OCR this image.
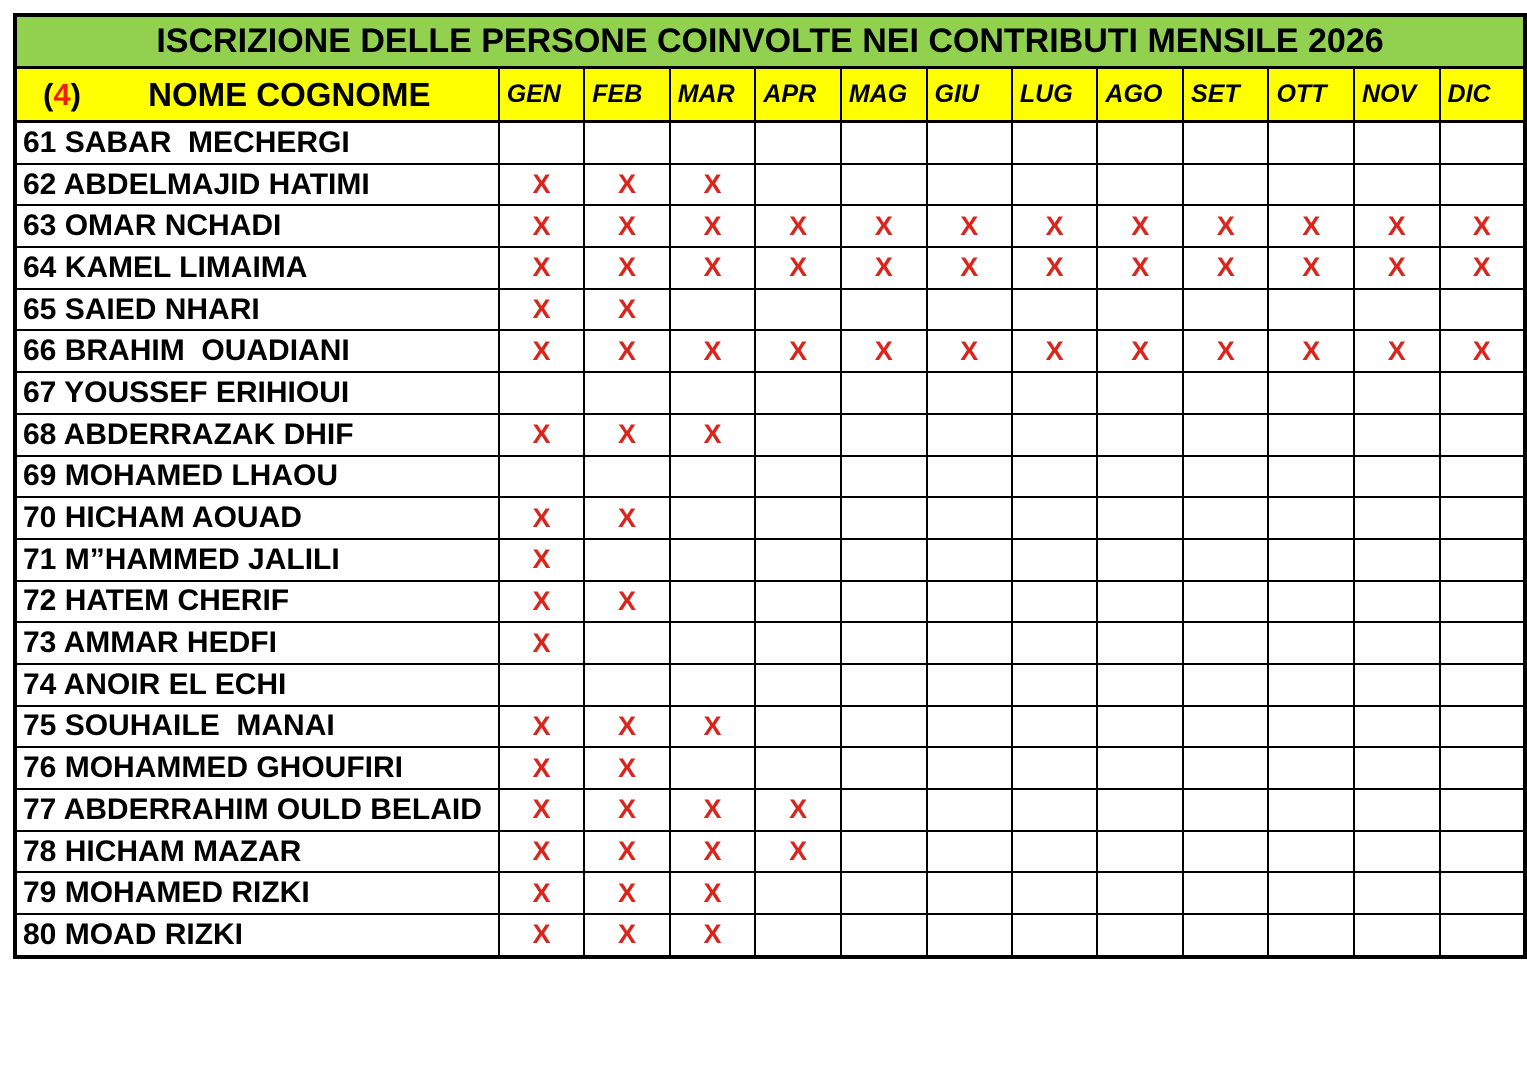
ISCRIZIONE DELLE PERSONE COINVOLTE NEI CONTRIBUTI MENSILE 2026												

(4) NOME COGNOME	GEN	FEB	MAR	APR	MAG	GIU	LUG	AGO	SET	OTT	NOV	DIC
61 SABAR  MECHERGI												
62 ABDELMAJID HATIMI	X	X	X									
63 OMAR NCHADI	X	X	X	X	X	X	X	X	X	X	X	X
64 KAMEL LIMAIMA	X	X	X	X	X	X	X	X	X	X	X	X
65 SAIED NHARI	X	X										
66 BRAHIM  OUADIANI	X	X	X	X	X	X	X	X	X	X	X	X
67 YOUSSEF ERIHIOUI												
68 ABDERRAZAK DHIF	X	X	X									
69 MOHAMED LHAOU												
70 HICHAM AOUAD	X	X										
71 M”HAMMED JALILI	X											
72 HATEM CHERIF	X	X										
73 AMMAR HEDFI	X											
74 ANOIR EL ECHI												
75 SOUHAILE  MANAI	X	X	X									
76 MOHAMMED GHOUFIRI	X	X										
77 ABDERRAHIM OULD BELAID	X	X	X	X								
78 HICHAM MAZAR	X	X	X	X								
79 MOHAMED RIZKI	X	X	X									
80 MOAD RIZKI	X	X	X									
